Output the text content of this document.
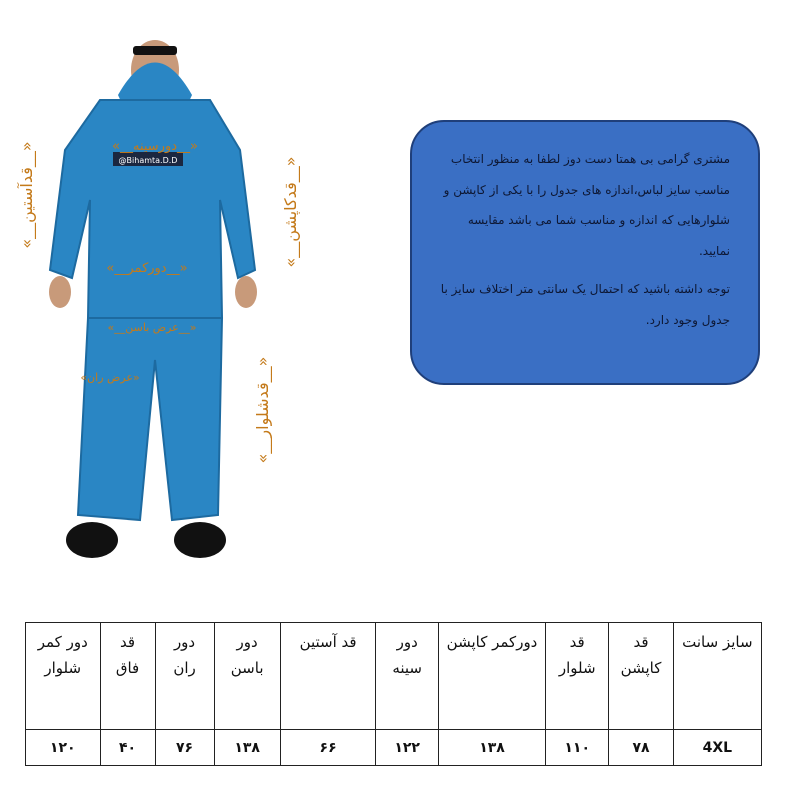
@Bihamta.D.D
«__دورسینه__»
«__دورکمر__»
«__عرض باسن__»
«عرض ران»
«__قدآستین__»	«__قدکاپشن__»
«__قدشلوار__»

مشتری گرامی بی همتا دست دوز لطفا به منظور انتخاب مناسب سایز لباس،اندازه های جدول را با یکی از کاپشن و شلوارهایی که اندازه و مناسب شما می باشد مقایسه نمایید.

توجه داشته باشید که احتمال یک سانتی متر اختلاف سایز با جدول وجود دارد.

سایز سانت	قد کاپشن	قد شلوار	دورکمر کاپشن	دور سینه	قد آستین	دور باسن	دور ران	قد فاق	دور کمر شلوار
4XL	۷۸	۱۱۰	۱۳۸	۱۲۲	۶۶	۱۳۸	۷۶	۴۰	۱۲۰
